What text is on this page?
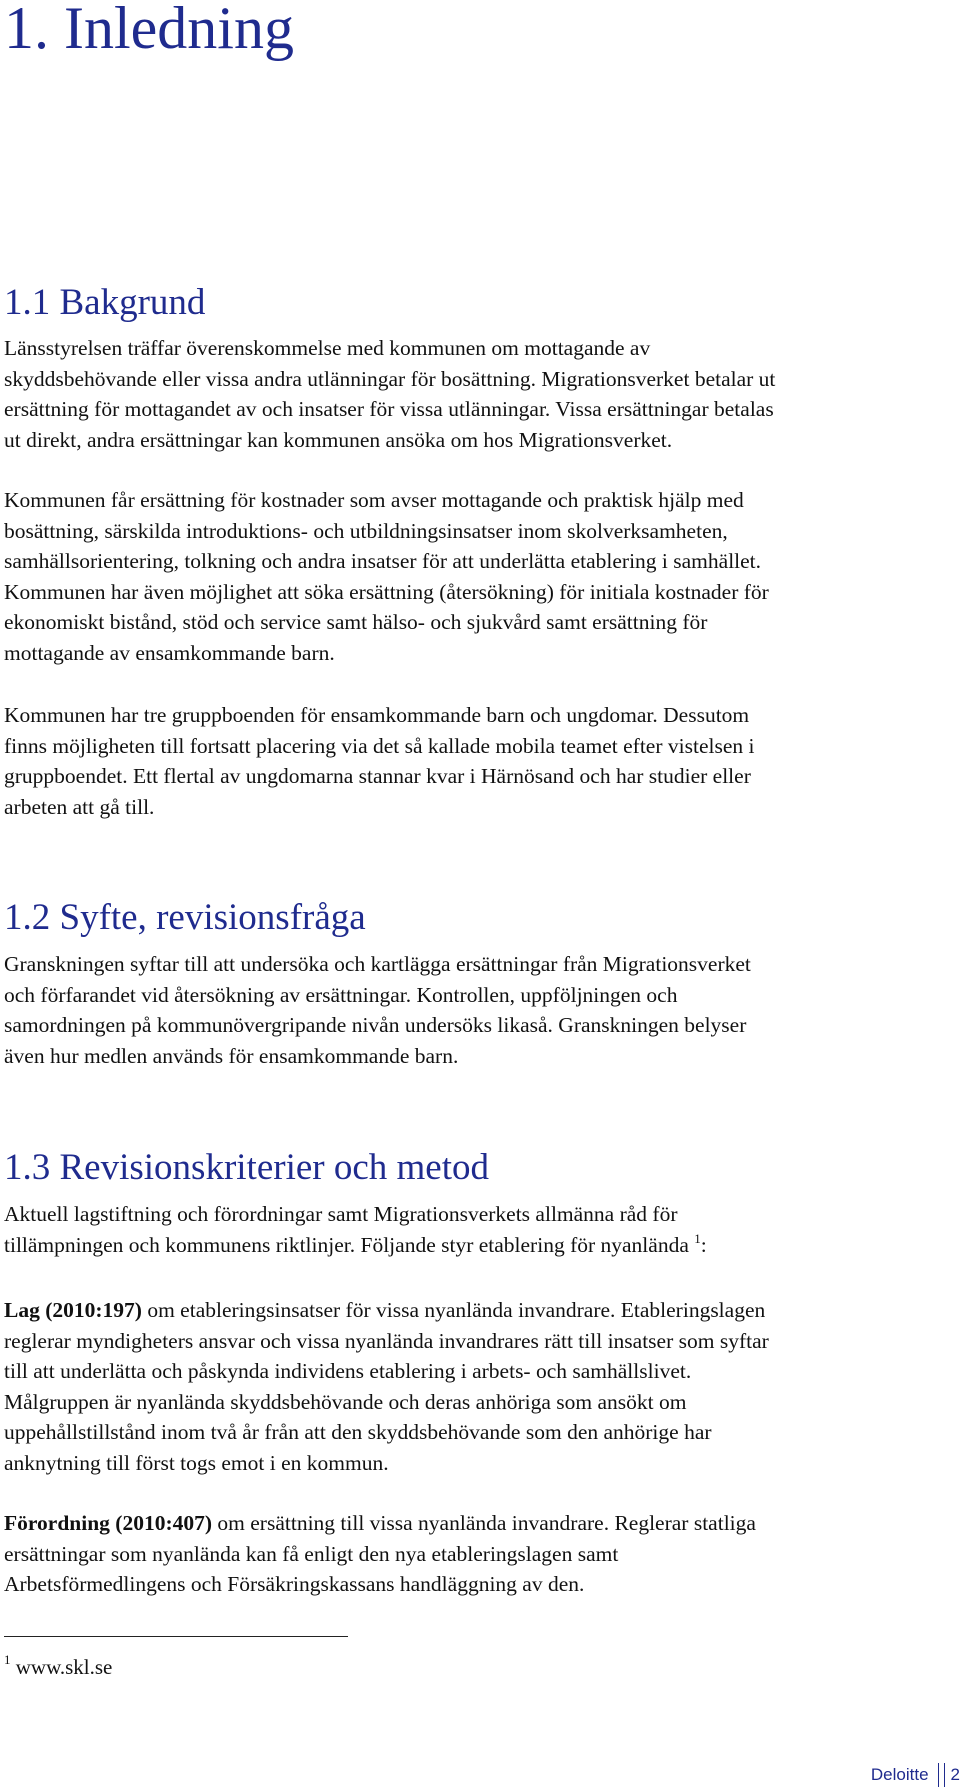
1. Inledning
1.1 Bakgrund
Länsstyrelsen träffar överenskommelse med kommunen om mottagande av
skyddsbehövande eller vissa andra utlänningar för bosättning. Migrationsverket betalar ut
ersättning för mottagandet av och insatser för vissa utlänningar. Vissa ersättningar betalas
ut direkt, andra ersättningar kan kommunen ansöka om hos Migrationsverket.
Kommunen får ersättning för kostnader som avser mottagande och praktisk hjälp med
bosättning, särskilda introduktions- och utbildningsinsatser inom skolverksamheten,
samhällsorientering, tolkning och andra insatser för att underlätta etablering i samhället.
Kommunen har även möjlighet att söka ersättning (återsökning) för initiala kostnader för
ekonomiskt bistånd, stöd och service samt hälso- och sjukvård samt ersättning för
mottagande av ensamkommande barn.
Kommunen har tre gruppboenden för ensamkommande barn och ungdomar. Dessutom
finns möjligheten till fortsatt placering via det så kallade mobila teamet efter vistelsen i
gruppboendet. Ett flertal av ungdomarna stannar kvar i Härnösand och har studier eller
arbeten att gå till.
1.2 Syfte, revisionsfråga
Granskningen syftar till att undersöka och kartlägga ersättningar från Migrationsverket
och förfarandet vid återsökning av ersättningar. Kontrollen, uppföljningen och
samordningen på kommunövergripande nivån undersöks likaså. Granskningen belyser
även hur medlen används för ensamkommande barn.
1.3 Revisionskriterier och metod
Aktuell lagstiftning och förordningar samt Migrationsverkets allmänna råd för
tillämpningen och kommunens riktlinjer. Följande styr etablering för nyanlända $^1$:
Lag (2010:197) om etableringsinsatser för vissa nyanlända invandrare. Etableringslagen
reglerar myndigheters ansvar och vissa nyanlända invandrares rätt till insatser som syftar
till att underlätta och påskynda individens etablering i arbets- och samhällslivet.
Målgruppen är nyanlända skyddsbehövande och deras anhöriga som ansökt om
uppehållstillstånd inom två år från att den skyddsbehövande som den anhörige har
anknytning till först togs emot i en kommun.
Förordning (2010:407) om ersättning till vissa nyanlända invandrare. Reglerar statliga
ersättningar som nyanlända kan få enligt den nya etableringslagen samt
Arbetsförmedlingens och Försäkringskassans handläggning av den.
$^1$ www.skl.se
Deloitte 2
